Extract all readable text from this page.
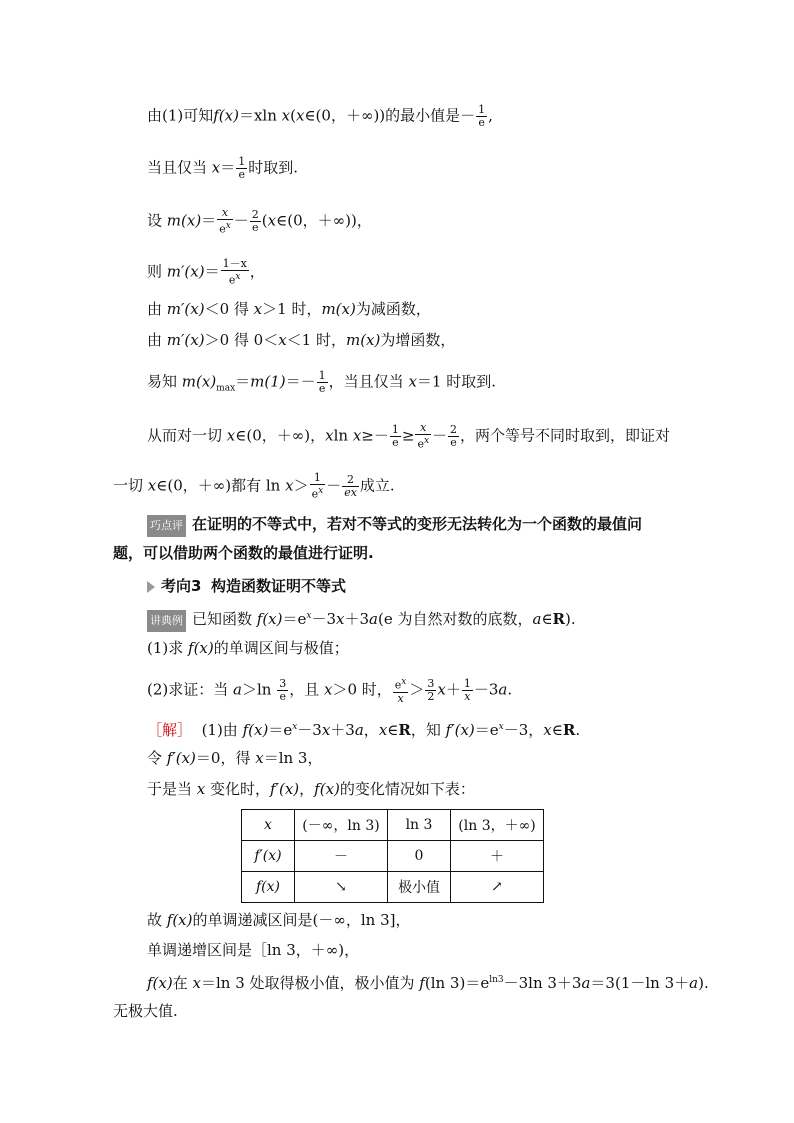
由(1)可知f(x)＝xln x(x∈(0，＋∞))的最小值是－ $\frac{1}{e}$ ,
当且仅当 $x= \frac{1}{e}$ 时取到.
设 $m(x)= \frac{x}{e^x} - \frac{2}{e}$ (x∈(0，＋∞))，
则 $m'(x)= \frac{1-x}{e^x}$ ，
由 m′(x)＜0 得 x＞1 时，m(x)为减函数，
由 m′(x)＞0 得 0＜x＜1 时，m(x)为增函数，
易知 $m(x)_{max}=m(1)=- \frac{1}{e}$ ，当且仅当 x＝1 时取到.
从而对一切 x∈(0，＋∞)，xln $x\ge- \frac{1}{e} \ge \frac{x}{e^x} - \frac{2}{e}$ ，两个等号不同时取到，即证对
一切 x∈(0，＋∞)都有 $\ln x> \frac{1}{e^x} - \frac{2}{ex}$ 成立.
巧点评 在证明的不等式中，若对不等式的变形无法转化为一个函数的最值问
题，可以借助两个函数的最值进行证明.
考向3 构造函数证明不等式
讲典例 已知函数 $f(x)=e^x-3x+3a(e$ 为自然对数的底数，a∈R).
(1)求 f(x)的单调区间与极值；
(2)求证：当 $a>\ln \frac{3}{e}$ ，且 x＞0 时， $\frac{e^x}{x} > \frac{3}{2} x+ \frac{1}{x} -3a$.
［解］ (1)由 $f(x)=e^x-3x+3a$，x∈R，知 $f'(x)=e^x-3$，x∈R.
令 f′(x)＝0，得 x＝ln 3，
于是当 x 变化时，f′(x)，f(x)的变化情况如下表：
x	(－∞，ln 3)	ln 3	(ln 3，＋∞)
f′(x)	－	0	＋
f(x)	↘	极小值	↗
故 f(x)的单调递减区间是(－∞，ln 3]，
单调递增区间是［ln 3，＋∞)，
f(x)在 x＝ln 3 处取得极小值，极小值为 f(ln $3)=e^{ln3}-3\ln$ 3＋3a＝3(1－ln 3＋a).
无极大值.
